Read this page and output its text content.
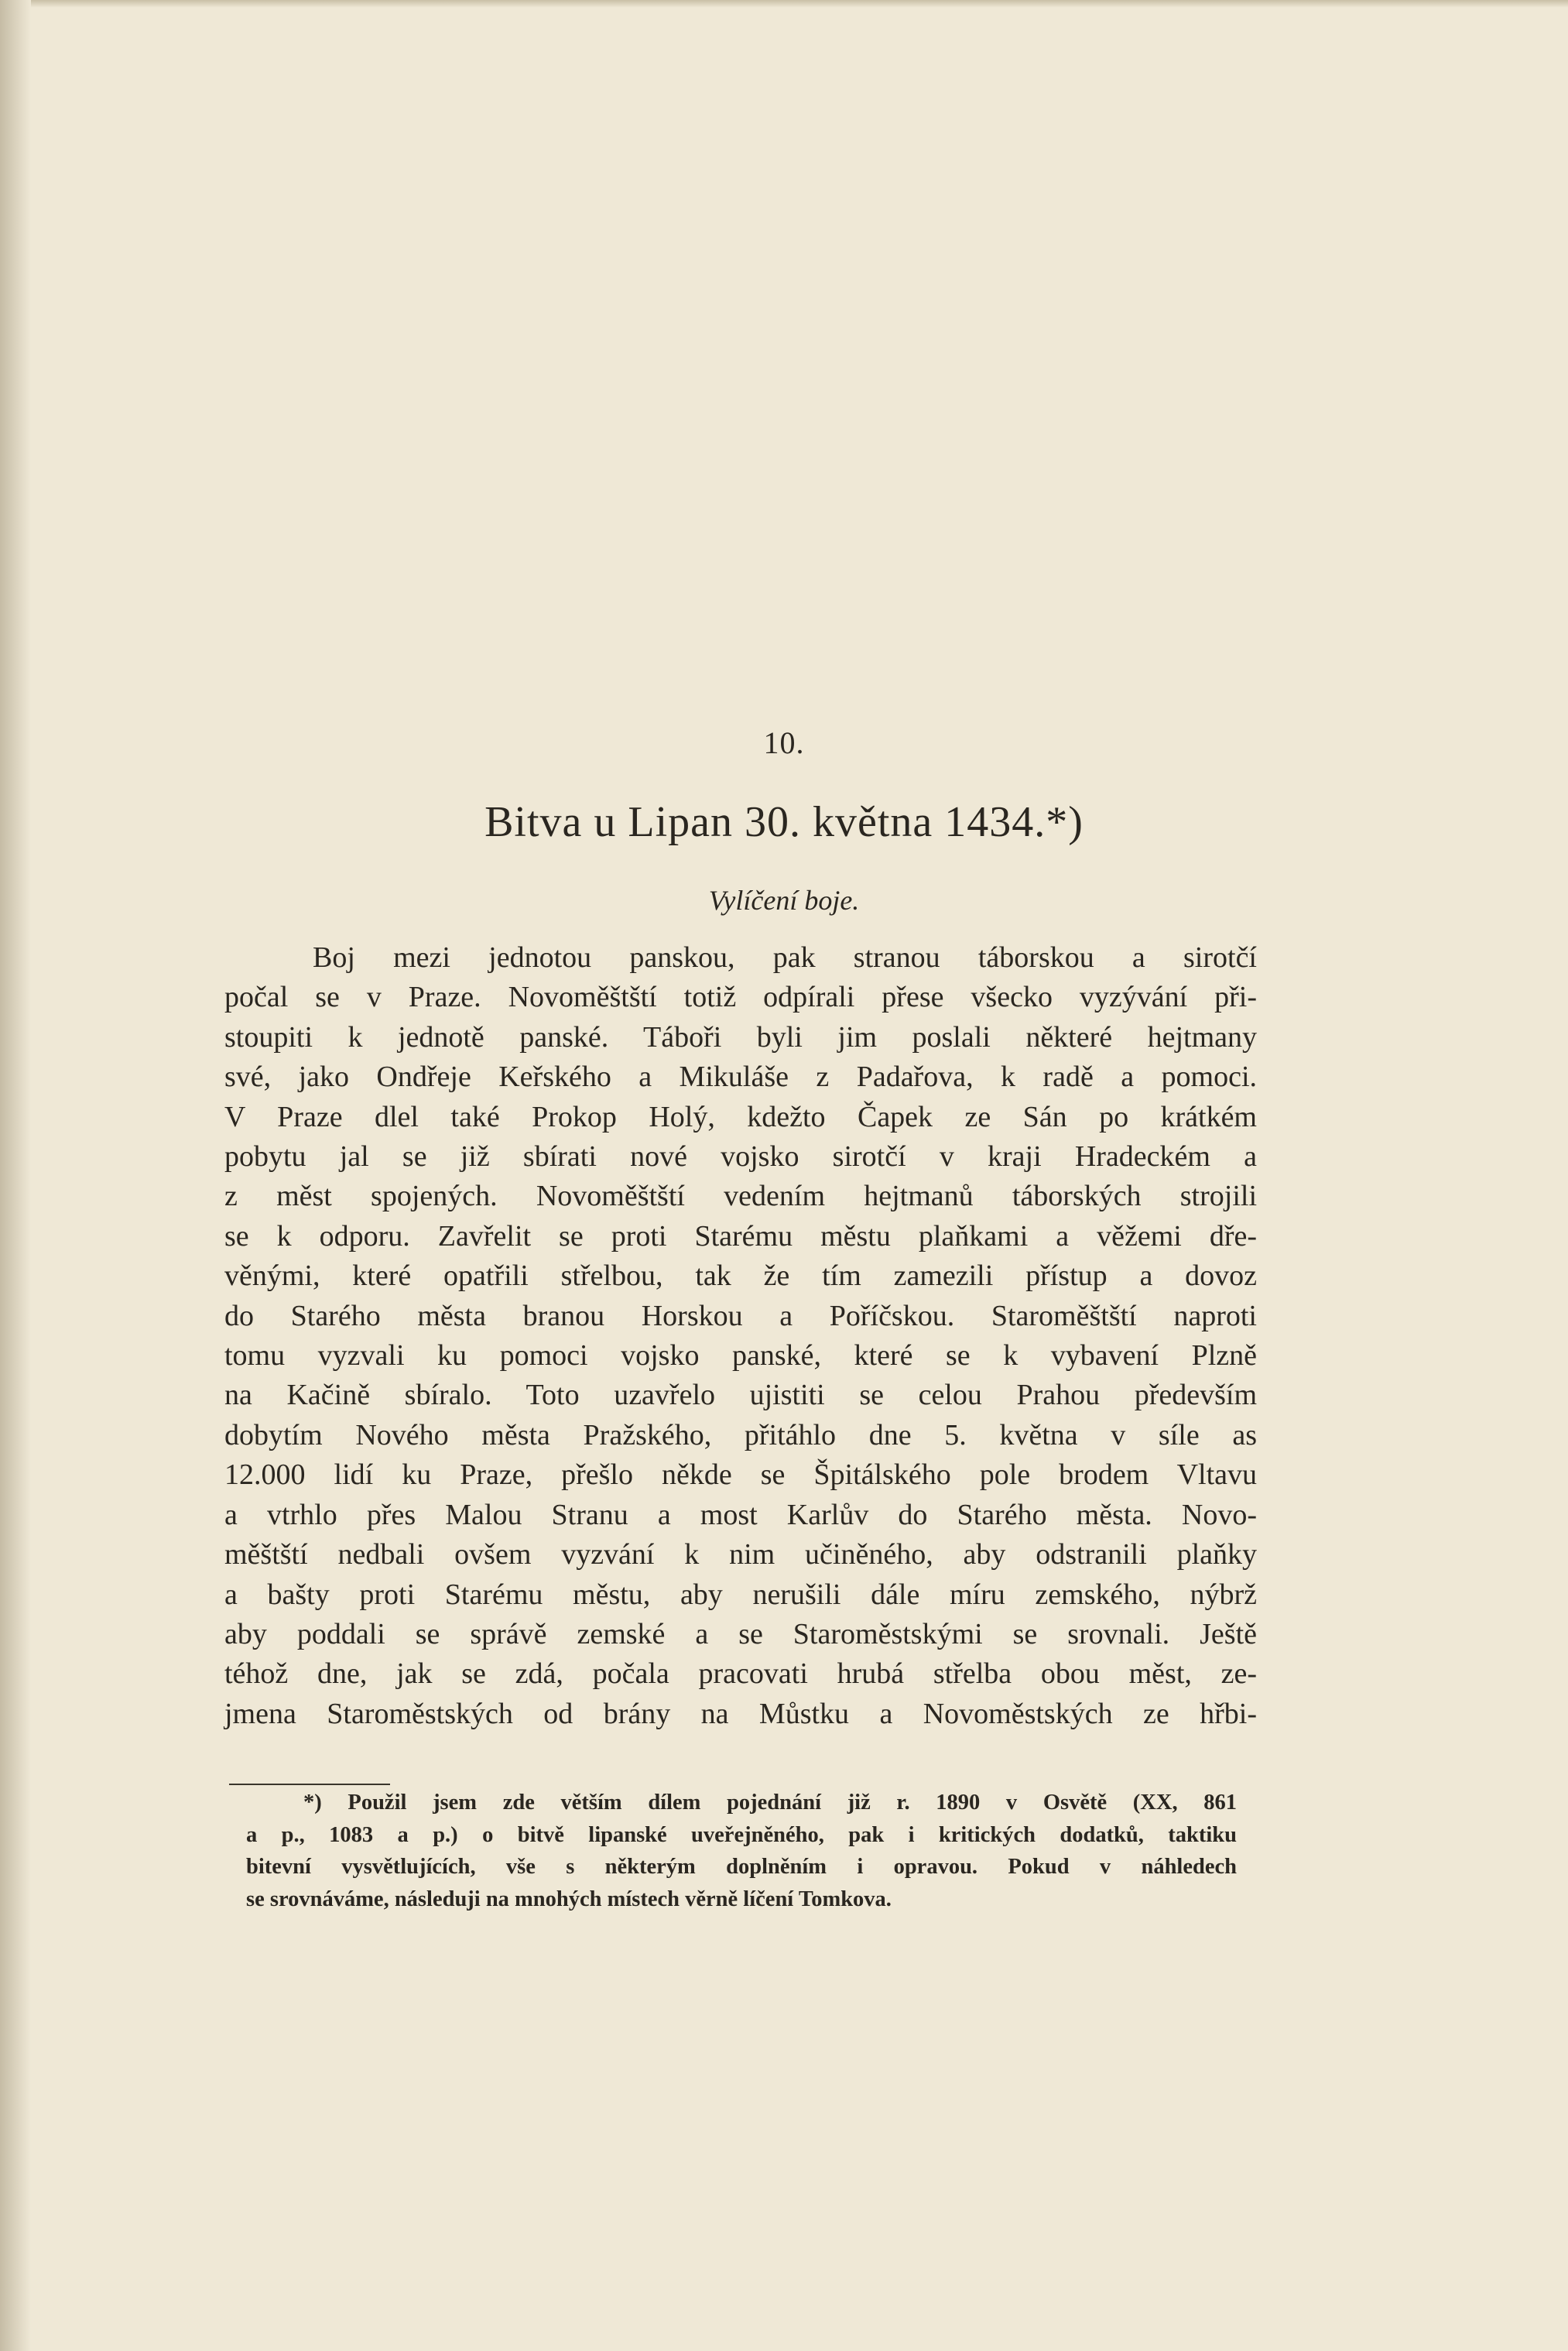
10.
Bitva u Lipan 30. května 1434.*)
Vylíčení boje.
Boj mezi jednotou panskou, pak stranou táborskou a sirotčí
počal se v Praze. Novoměštští totiž odpírali přese všecko vyzývání při-
stoupiti k jednotě panské. Táboři byli jim poslali některé hejtmany
své, jako Ondřeje Keřského a Mikuláše z Padařova, k radě a pomoci.
V Praze dlel také Prokop Holý, kdežto Čapek ze Sán po krátkém
pobytu jal se již sbírati nové vojsko sirotčí v kraji Hradeckém a
z měst spojených. Novoměštští vedením hejtmanů táborských strojili
se k odporu. Zavřelit se proti Starému městu plaňkami a věžemi dře-
věnými, které opatřili střelbou, tak že tím zamezili přístup a dovoz
do Starého města branou Horskou a Poříčskou. Staroměštští naproti
tomu vyzvali ku pomoci vojsko panské, které se k vybavení Plzně
na Kačině sbíralo. Toto uzavřelo ujistiti se celou Prahou především
dobytím Nového města Pražského, přitáhlo dne 5. května v síle as
12.000 lidí ku Praze, přešlo někde se Špitálského pole brodem Vltavu
a vtrhlo přes Malou Stranu a most Karlův do Starého města. Novo-
měštští nedbali ovšem vyzvání k nim učiněného, aby odstranili plaňky
a bašty proti Starému městu, aby nerušili dále míru zemského, nýbrž
aby poddali se správě zemské a se Staroměstskými se srovnali. Ještě
téhož dne, jak se zdá, počala pracovati hrubá střelba obou měst, ze-
jmena Staroměstských od brány na Můstku a Novoměstských ze hřbi-
*) Použil jsem zde větším dílem pojednání již r. 1890 v Osvětě (XX, 861
a p., 1083 a p.) o bitvě lipanské uveřejněného, pak i kritických dodatků, taktiku
bitevní vysvětlujících, vše s některým doplněním i opravou. Pokud v náhledech
se srovnáváme, následuji na mnohých místech věrně líčení Tomkova.
